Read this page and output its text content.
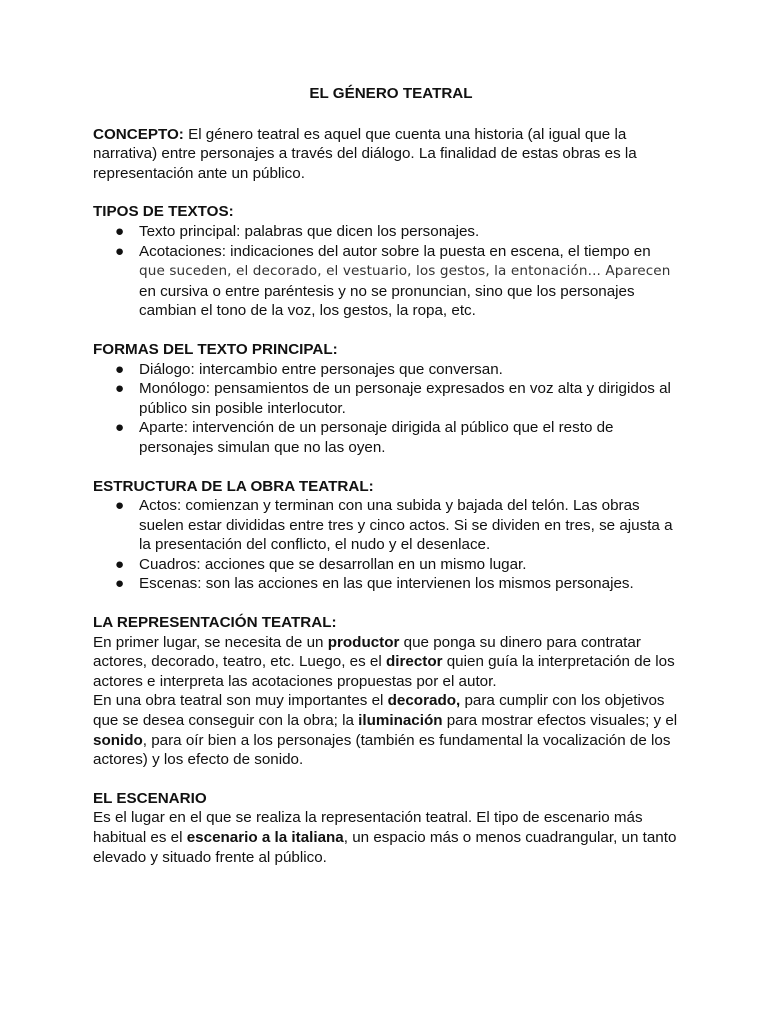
EL GÉNERO TEATRAL

CONCEPTO: El género teatral es aquel que cuenta una historia (al igual que la narrativa) entre personajes a través del diálogo. La finalidad de estas obras es la representación ante un público.

TIPOS DE TEXTOS:
● Texto principal: palabras que dicen los personajes.
● Acotaciones: indicaciones del autor sobre la puesta en escena, el tiempo en
que suceden, el decorado, el vestuario, los gestos, la entonación... Aparecen
en cursiva o entre paréntesis y no se pronuncian, sino que los personajes cambian el tono de la voz, los gestos, la ropa, etc.
FORMAS DEL TEXTO PRINCIPAL:
● Diálogo: intercambio entre personajes que conversan.
● Monólogo: pensamientos de un personaje expresados en voz alta y dirigidos al público sin posible interlocutor.
● Aparte: intervención de un personaje dirigida al público que el resto de personajes simulan que no las oyen.
ESTRUCTURA DE LA OBRA TEATRAL:
● Actos: comienzan y terminan con una subida y bajada del telón. Las obras suelen estar divididas entre tres y cinco actos. Si se dividen en tres, se ajusta a la presentación del conflicto, el nudo y el desenlace.
● Cuadros: acciones que se desarrollan en un mismo lugar.
● Escenas: son las acciones en las que intervienen los mismos personajes.
LA REPRESENTACIÓN TEATRAL:

En primer lugar, se necesita de un productor que ponga su dinero para contratar actores, decorado, teatro, etc. Luego, es el director quien guía la interpretación de los actores e interpreta las acotaciones propuestas por el autor.

En una obra teatral son muy importantes el decorado, para cumplir con los objetivos que se desea conseguir con la obra; la iluminación para mostrar efectos visuales; y el sonido, para oír bien a los personajes (también es fundamental la vocalización de los actores) y los efecto de sonido.

EL ESCENARIO

Es el lugar en el que se realiza la representación teatral. El tipo de escenario más habitual es el escenario a la italiana, un espacio más o menos cuadrangular, un tanto elevado y situado frente al público.
